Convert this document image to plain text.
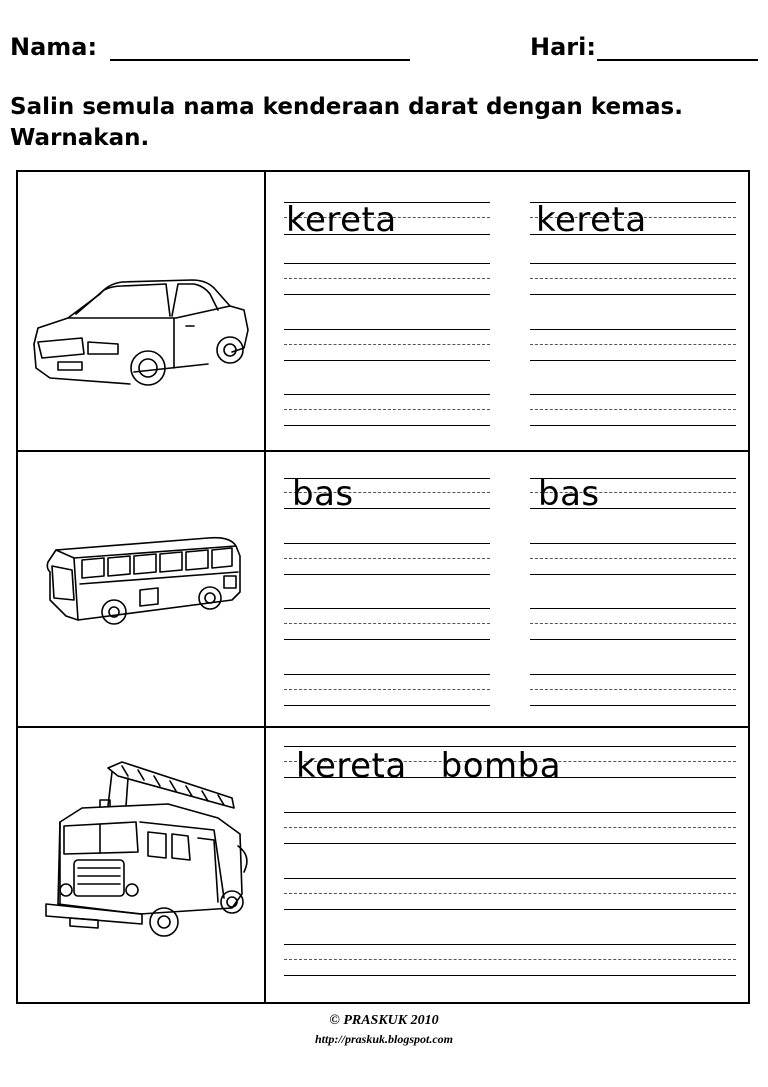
Nama:	Hari:
Salin semula nama kenderaan darat dengan kemas.
Warnakan.
kereta	kereta
bas	bas
kereta   bomba
© PRASKUK 2010
http://praskuk.blogspot.com
